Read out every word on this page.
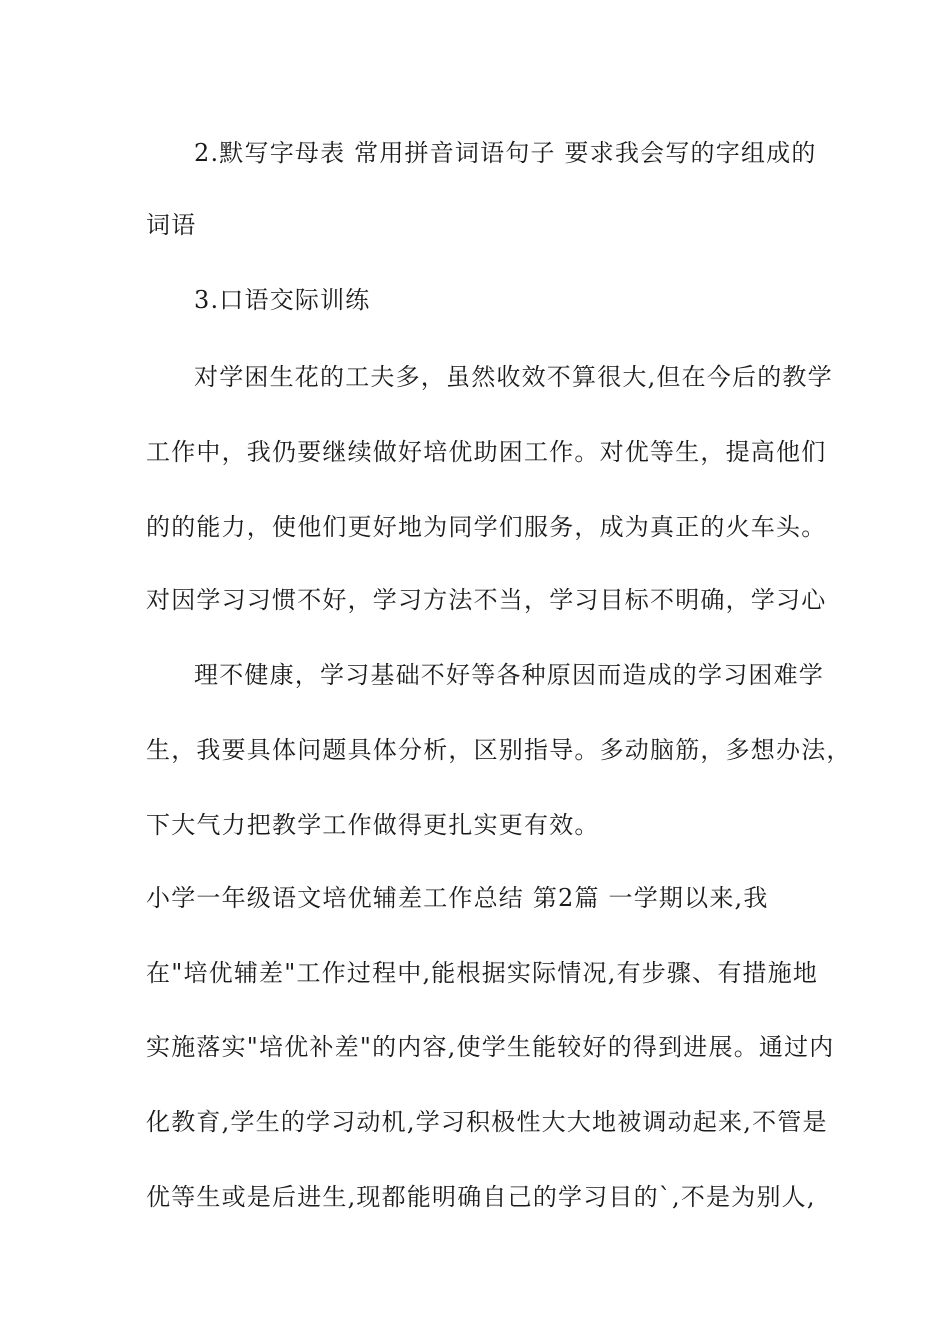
2.默写字母表 常用拼音词语句子 要求我会写的字组成的
词语
3.口语交际训练
对学困生花的工夫多，虽然收效不算很大,但在今后的教学
工作中，我仍要继续做好培优助困工作。对优等生，提高他们
的的能力，使他们更好地为同学们服务，成为真正的火车头。
对因学习习惯不好，学习方法不当，学习目标不明确，学习心
理不健康，学习基础不好等各种原因而造成的学习困难学
生，我要具体问题具体分析，区别指导。多动脑筋，多想办法，
下大气力把教学工作做得更扎实更有效。
小学一年级语文培优辅差工作总结 第2篇 一学期以来,我
在"培优辅差"工作过程中,能根据实际情况,有步骤、有措施地
实施落实"培优补差"的内容,使学生能较好的得到进展。通过内
化教育,学生的学习动机,学习积极性大大地被调动起来,不管是
优等生或是后进生,现都能明确自己的学习目的`,不是为别人,
